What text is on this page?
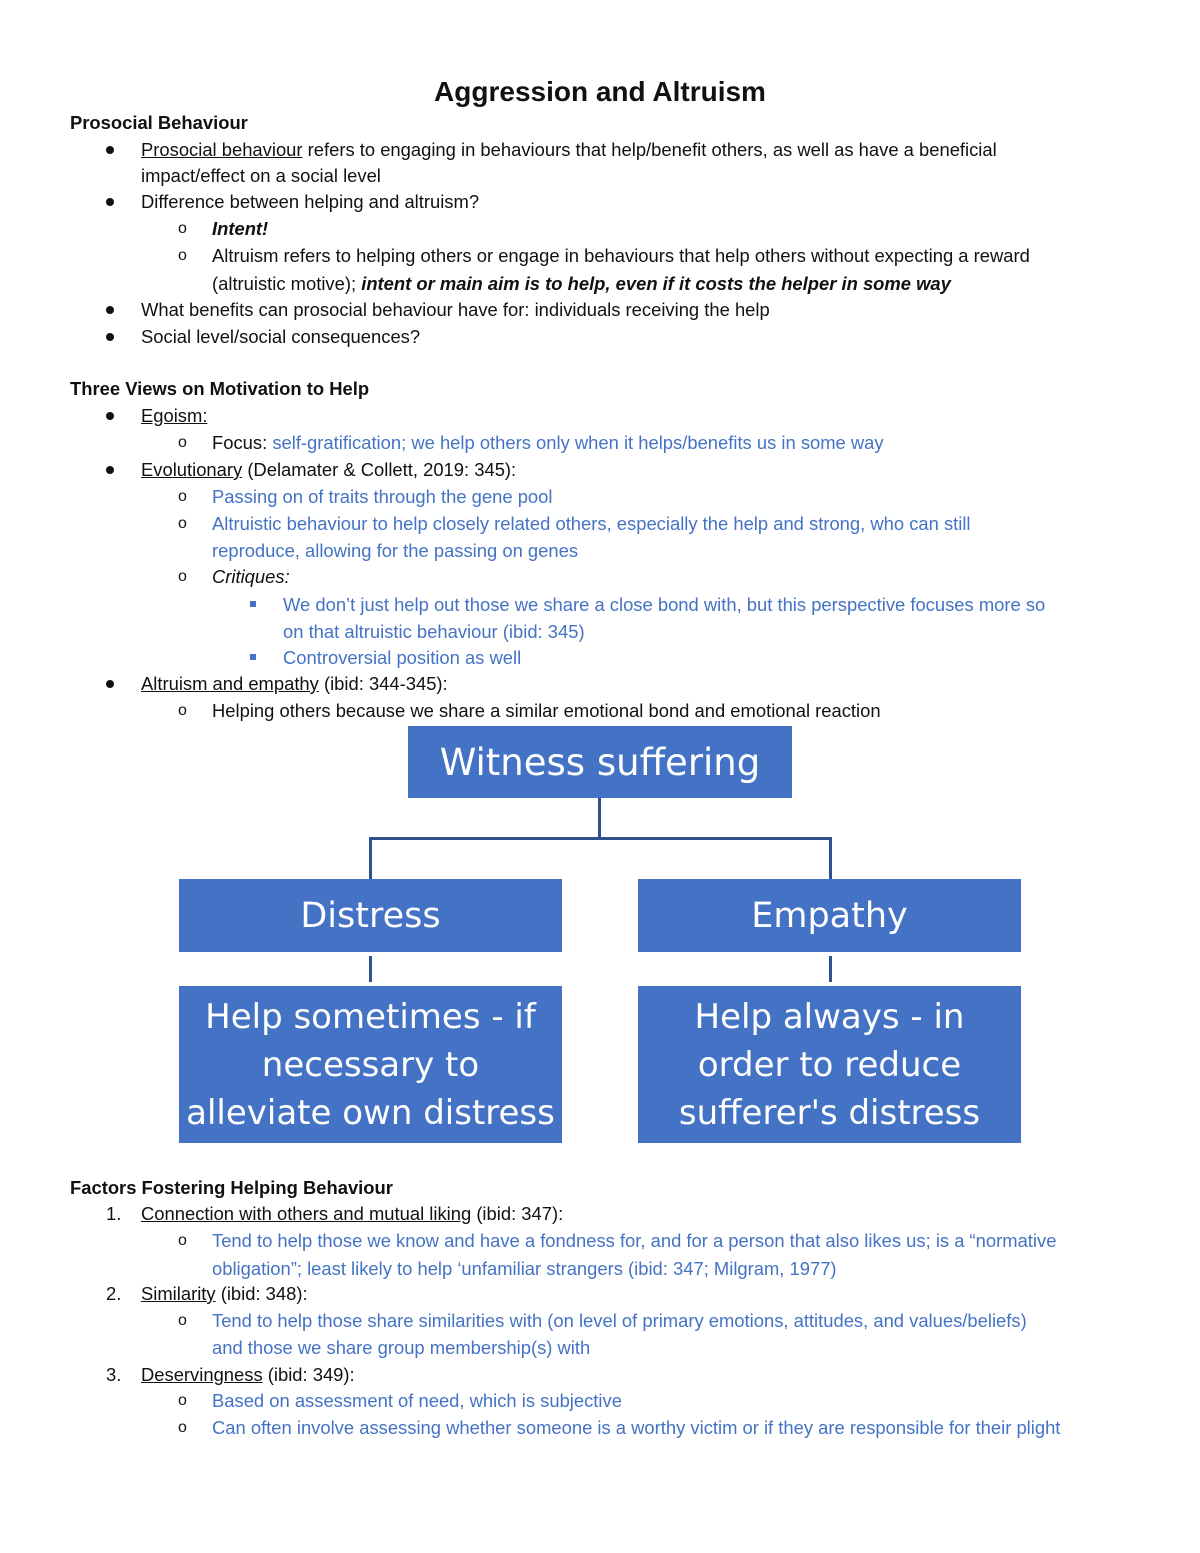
Aggression and Altruism
Prosocial Behaviour
Prosocial behaviour refers to engaging in behaviours that help/benefit others, as well as have a beneficial
impact/effect on a social level
Difference between helping and altruism?
o Intent!
o Altruism refers to helping others or engage in behaviours that help others without expecting a reward
(altruistic motive); intent or main aim is to help, even if it costs the helper in some way
What benefits can prosocial behaviour have for: individuals receiving the help
Social level/social consequences?
Three Views on Motivation to Help
Egoism:
o Focus: self-gratification; we help others only when it helps/benefits us in some way
Evolutionary (Delamater & Collett, 2019: 345):
o Passing on of traits through the gene pool
o Altruistic behaviour to help closely related others, especially the help and strong, who can still
reproduce, allowing for the passing on genes
o Critiques:
We don’t just help out those we share a close bond with, but this perspective focuses more so
on that altruistic behaviour (ibid: 345)
Controversial position as well
Altruism and empathy (ibid: 344-345):
o Helping others because we share a similar emotional bond and emotional reaction
Witness suffering
Distress	Empathy
Help sometimes - if necessary to alleviate own distress
Help always - in order to reduce sufferer's distress
Factors Fostering Helping Behaviour
1. Connection with others and mutual liking (ibid: 347):
o Tend to help those we know and have a fondness for, and for a person that also likes us; is a “normative
obligation”; least likely to help ‘unfamiliar strangers (ibid: 347; Milgram, 1977)
2. Similarity (ibid: 348):
o Tend to help those share similarities with (on level of primary emotions, attitudes, and values/beliefs)
and those we share group membership(s) with
3. Deservingness (ibid: 349):
o Based on assessment of need, which is subjective
o Can often involve assessing whether someone is a worthy victim or if they are responsible for their plight
